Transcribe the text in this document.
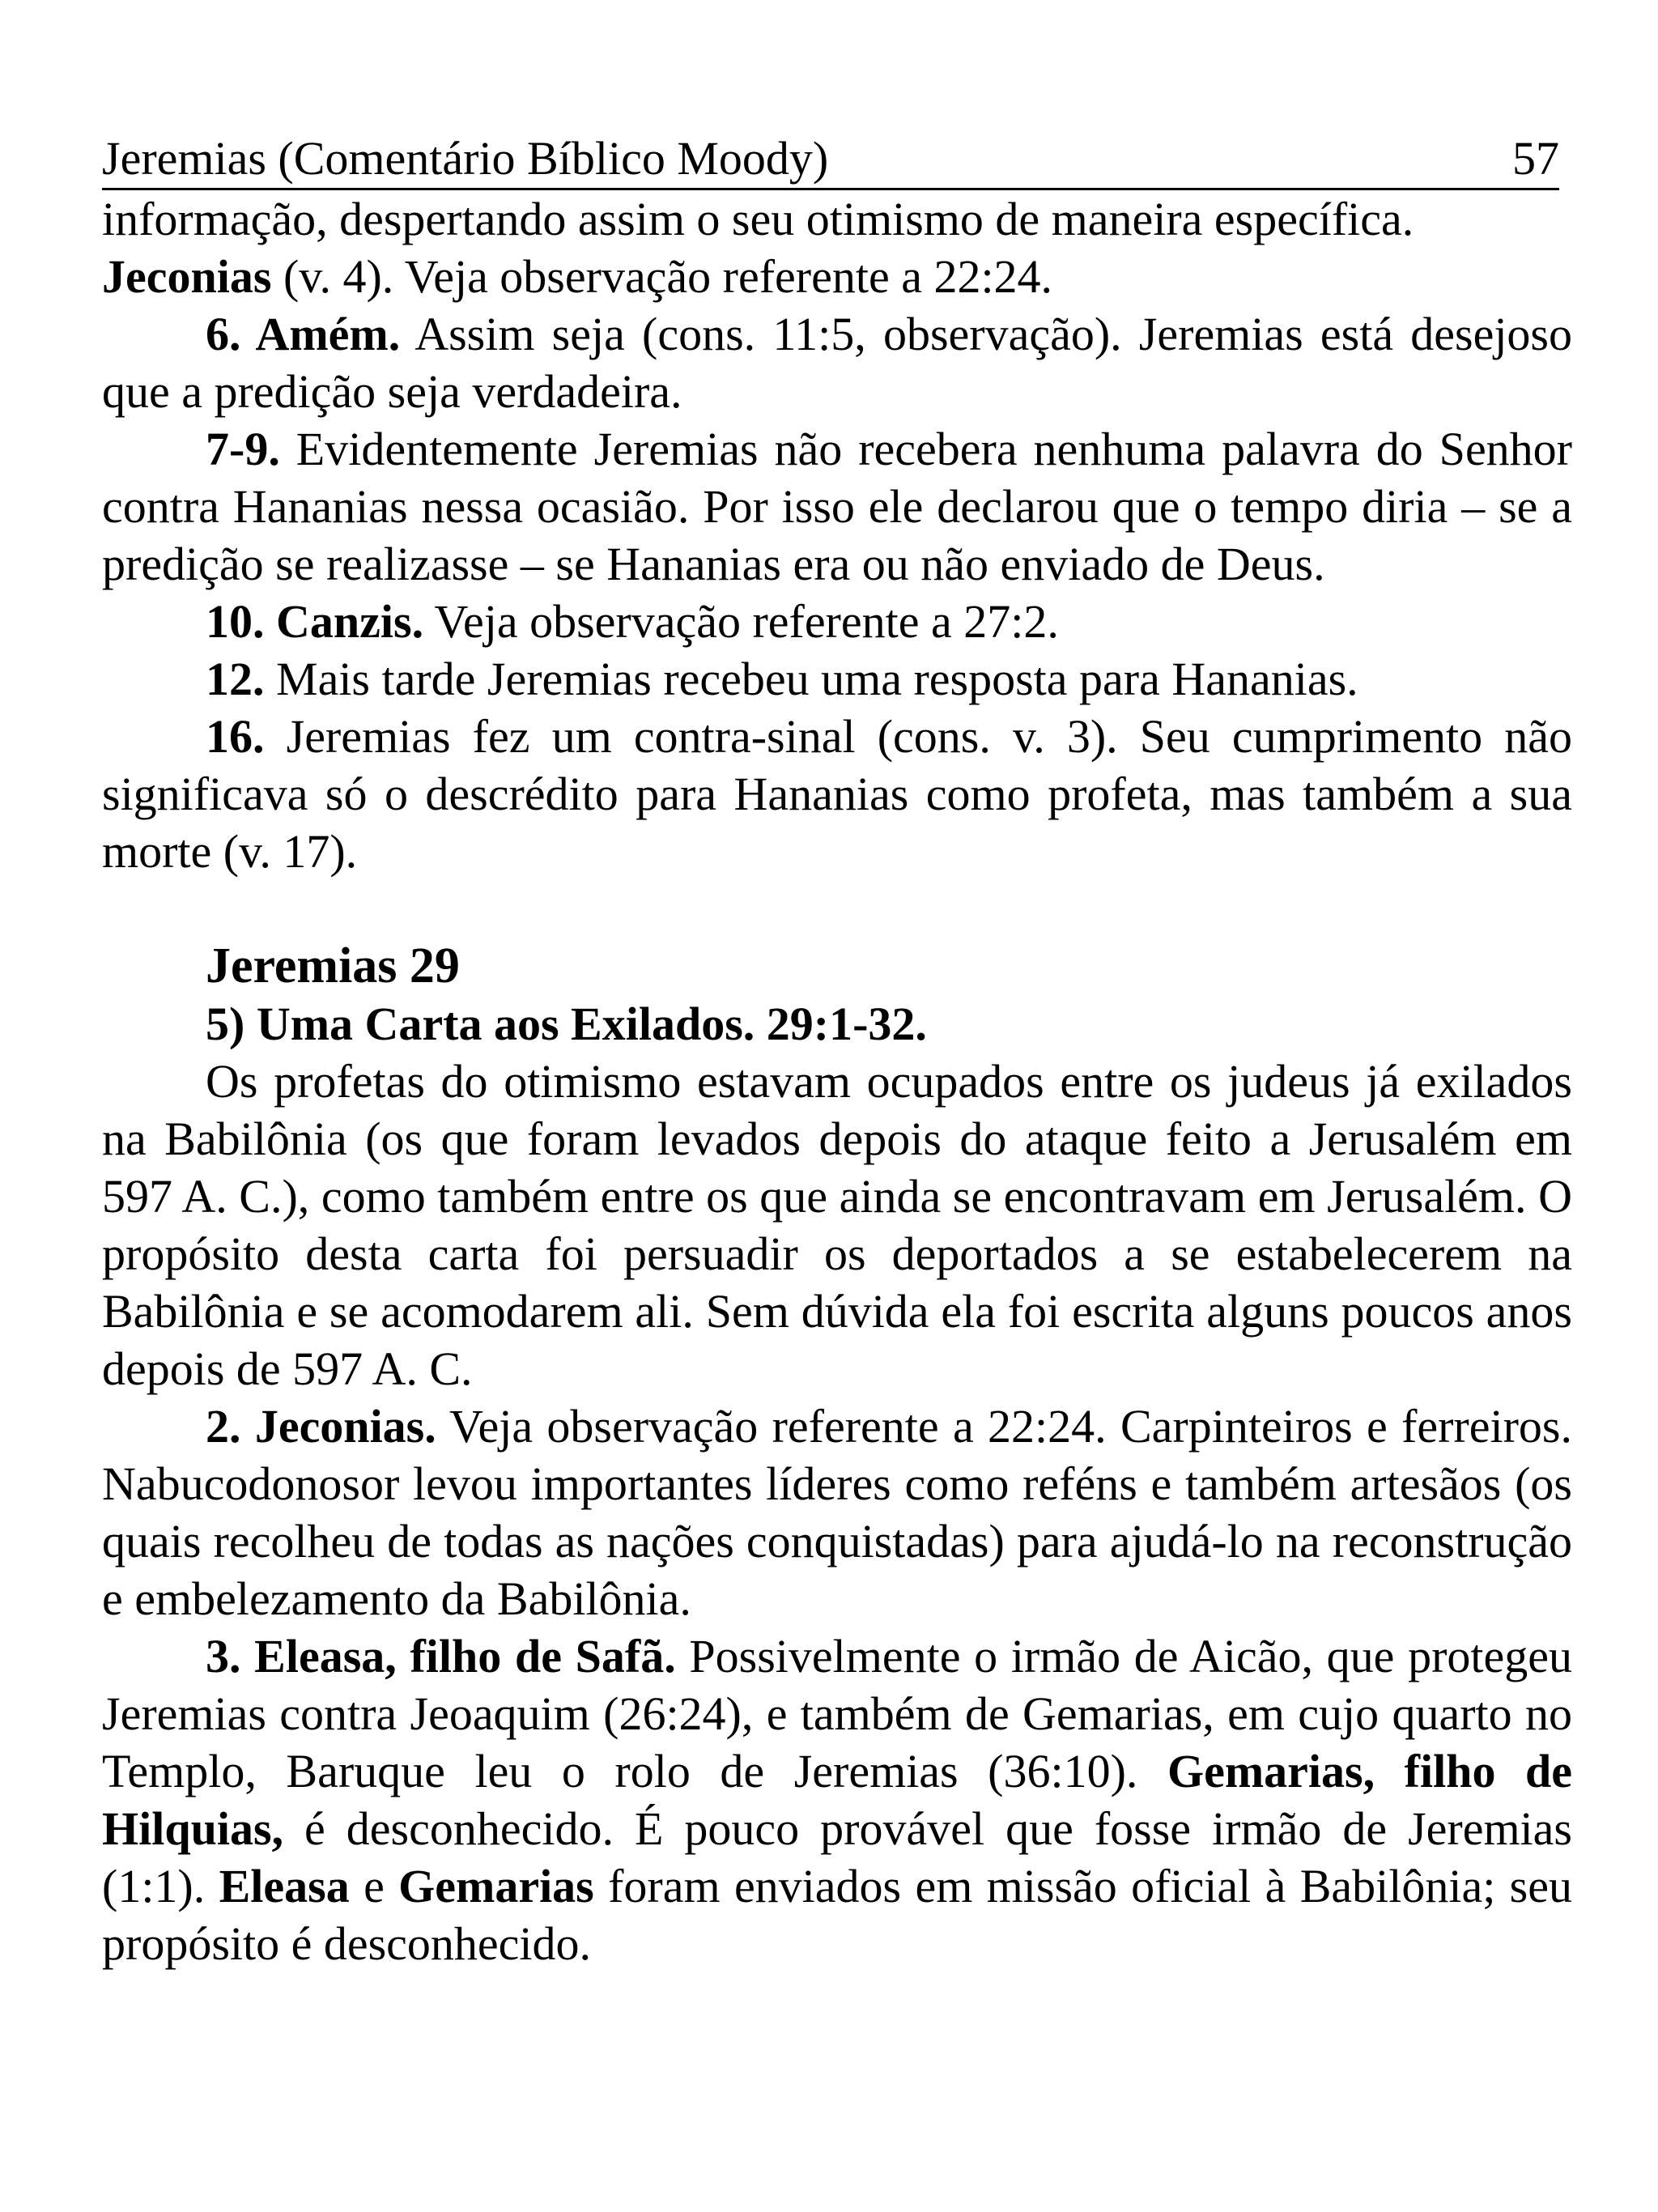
Jeremias (Comentário Bíblico Moody)	57

informação, despertando assim o seu otimismo de maneira específica.
Jeconias (v. 4). Veja observação referente a 22:24.

6. Amém. Assim seja (cons. 11:5, observação). Jeremias está desejoso que a predição seja verdadeira.

7-9. Evidentemente Jeremias não recebera nenhuma palavra do Senhor contra Hananias nessa ocasião. Por isso ele declarou que o tempo diria – se a predição se realizasse – se Hananias era ou não enviado de Deus.

10. Canzis. Veja observação referente a 27:2.

12. Mais tarde Jeremias recebeu uma resposta para Hananias.

16. Jeremias fez um contra-sinal (cons. v. 3). Seu cumprimento não significava só o descrédito para Hananias como profeta, mas também a sua morte (v. 17).

Jeremias 29
5) Uma Carta aos Exilados. 29:1-32.

Os profetas do otimismo estavam ocupados entre os judeus já exilados na Babilônia (os que foram levados depois do ataque feito a Jerusalém em 597 A. C.), como também entre os que ainda se encontravam em Jerusalém. O propósito desta carta foi persuadir os deportados a se estabelecerem na Babilônia e se acomodarem ali. Sem dúvida ela foi escrita alguns poucos anos depois de 597 A. C.

2. Jeconias. Veja observação referente a 22:24. Carpinteiros e ferreiros. Nabucodonosor levou importantes líderes como reféns e também artesãos (os quais recolheu de todas as nações conquistadas) para ajudá-lo na reconstrução e embelezamento da Babilônia.

3. Eleasa, filho de Safã. Possivelmente o irmão de Aicão, que protegeu Jeremias contra Jeoaquim (26:24), e também de Gemarias, em cujo quarto no Templo, Baruque leu o rolo de Jeremias (36:10). Gemarias, filho de Hilquias, é desconhecido. É pouco provável que fosse irmão de Jeremias (1:1). Eleasa e Gemarias foram enviados em missão oficial à Babilônia; seu propósito é desconhecido.
